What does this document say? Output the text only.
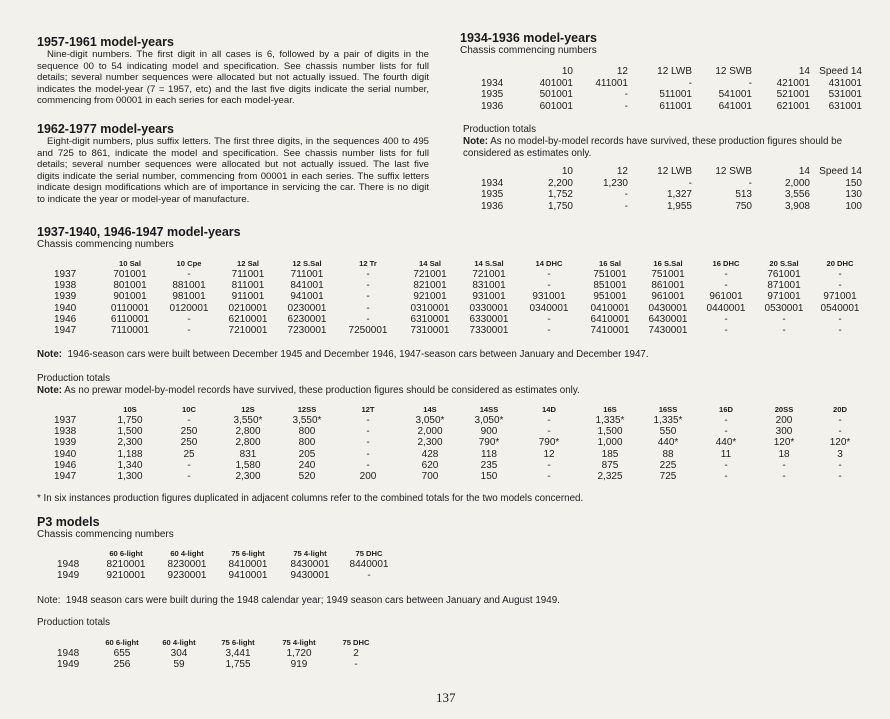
1957-1961 model-years
Nine-digit numbers. The first digit in all cases is 6, followed by a pair of digits in the sequence 00 to 54 indicating model and specification. See chassis number lists for full details; several number sequences were allocated but not actually issued. The fourth digit indicates the model-year (7 = 1957, etc) and the last five digits indicate the serial number, commencing from 00001 in each series for each model-year.
1962-1977 model-years
Eight-digit numbers, plus suffix letters. The first three digits, in the sequences 400 to 495 and 725 to 861, indicate the model and specification. See chassis number lists for full details; several number sequences were allocated but not actually issued. The last five digits indicate the serial number, commencing from 00001 in each series. The suffix letters indicate design modifications which are of importance in servicing the car. There is no digit to indicate the year or model-year of manufacture.
1934-1936 model-years
Chassis commencing numbers
	10	12	12 LWB	12 SWB	14	Speed 14
1934	401001	411001	-	-	421001	431001
1935	501001	-	511001	541001	521001	531001
1936	601001	-	611001	641001	621001	631001
Production totals
Note: As no model-by-model records have survived, these production figures should be considered as estimates only.
	10	12	12 LWB	12 SWB	14	Speed 14
1934	2,200	1,230	-	-	2,000	150
1935	1,752	-	1,327	513	3,556	130
1936	1,750	-	1,955	750	3,908	100
1937-1940, 1946-1947 model-years
Chassis commencing numbers
	10 Sal	10 Cpe	12 Sal	12 S.Sal	12 Tr	14 Sal	14 S.Sal	14 DHC	16 Sal	16 S.Sal	16 DHC	20 S.Sal	20 DHC
1937	701001	-	711001	711001	-	721001	721001	-	751001	751001	-	761001	-
1938	801001	881001	811001	841001	-	821001	831001	-	851001	861001	-	871001	-
1939	901001	981001	911001	941001	-	921001	931001	931001	951001	961001	961001	971001	971001
1940	0110001	0120001	0210001	0230001	-	0310001	0330001	0340001	0410001	0430001	0440001	0530001	0540001
1946	6110001	-	6210001	6230001	-	6310001	6330001	-	6410001	6430001	-	-	-
1947	7110001	-	7210001	7230001	7250001	7310001	7330001	-	7410001	7430001	-	-	-
Note: 1946-season cars were built between December 1945 and December 1946, 1947-season cars between January and December 1947.
Production totals
Note: As no prewar model-by-model records have survived, these production figures should be considered as estimates only.
	10S	10C	12S	12SS	12T	14S	14SS	14D	16S	16SS	16D	20SS	20D
1937	1,750	-	3,550*	3,550*	-	3,050*	3,050*	-	1,335*	1,335*	-	200	-
1938	1,500	250	2,800	800	-	2,000	900	-	1,500	550	-	300	-
1939	2,300	250	2,800	800	-	2,300	790*	790*	1,000	440*	440*	120*	120*
1940	1,188	25	831	205	-	428	118	12	185	88	11	18	3
1946	1,340	-	1,580	240	-	620	235	-	875	225	-	-	-
1947	1,300	-	2,300	520	200	700	150	-	2,325	725	-	-	-
* In six instances production figures duplicated in adjacent columns refer to the combined totals for the two models concerned.
P3 models
Chassis commencing numbers
	60 6-light	60 4-light	75 6-light	75 4-light	75 DHC
1948	8210001	8230001	8410001	8430001	8440001
1949	9210001	9230001	9410001	9430001	-
Note: 1948 season cars were built during the 1948 calendar year; 1949 season cars between January and August 1949.
Production totals
	60 6-light	60 4-light	75 6-light	75 4-light	75 DHC
1948	655	304	3,441	1,720	2
1949	256	59	1,755	919	-
137
